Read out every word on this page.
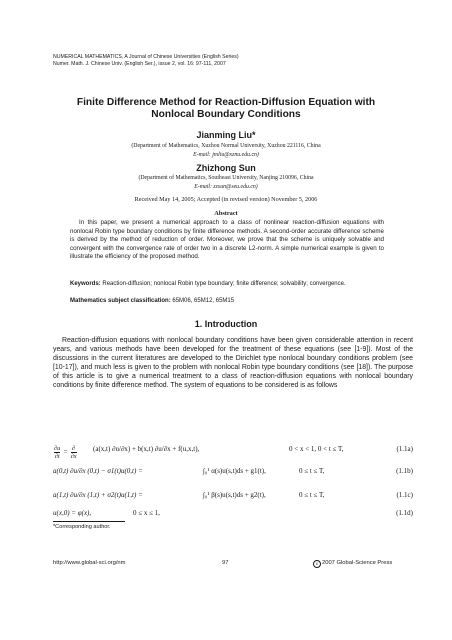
NUMERICAL MATHEMATICS, A Journal of Chinese Universities (English Series)
Numer. Math. J. Chinese Univ. (English Ser.), issue 2, vol. 16: 97-111, 2007
Finite Difference Method for Reaction-Diffusion Equation with
Nonlocal Boundary Conditions
Jianming Liu*
(Department of Mathematics, Xuzhou Normal University, Xuzhou 221116, China
E-mail: jmliu@xznu.edu.cn)
Zhizhong Sun
(Department of Mathematics, Southeast University, Nanjing 210096, China
E-mail: zzsun@seu.edu.cn)
Received May 14, 2005; Accepted (in revised version) November 5, 2006
Abstract

In this paper, we present a numerical approach to a class of nonlinear reaction-diffusion equations with nonlocal Robin type boundary conditions by finite difference methods. A second-order accurate difference scheme is derived by the method of reduction of order. Moreover, we prove that the scheme is uniquely solvable and convergent with the convergence rate of order two in a discrete L2-norm. A simple numerical example is given to illustrate the efficiency of the proposed method.

Keywords: Reaction-diffusion; nonlocal Robin type boundary; finite difference; solvability; convergence.
Mathematics subject classification: 65M06, 65M12, 65M15
1. Introduction

Reaction-diffusion equations with nonlocal boundary conditions have been given considerable attention in recent years, and various methods have been developed for the treatment of these equations (see [1-9]). Most of the discussions in the current literatures are developed to the Dirichlet type nonlocal boundary conditions problem (see [10-17]), and much less is given to the problem with nonlocal Robin type boundary conditions (see [18]). The purpose of this article is to give a numerical treatment to a class of reaction-diffusion equations with nonlocal boundary conditions by finite difference method. The system of equations to be considered is as follows

$\frac{\partial u}{\partial t} = \frac{\partial}{\partial x} (a(x,t) \partial u/\partial x) + b(x,t) \partial u/\partial x + f(u,x,t)$,	0 < x < 1, 0 < t ≤ T,	(1.1a)
a(0,t) ∂u/∂x (0,t) − σ1(t)u(0,t) =	∫₀¹ α(s)u(s,t)ds + g1(t),	0 ≤ t ≤ T,	(1.1b)
a(1,t) ∂u/∂x (1,t) + σ2(t)u(1,t) =	∫₀¹ β(s)u(s,t)ds + g2(t),	0 ≤ t ≤ T,	(1.1c)
u(x,0) = φ(x),	0 ≤ x ≤ 1,	(1.1d)
*Corresponding author.
http://www.global-sci.org/nm	97	c 2007 Global-Science Press
